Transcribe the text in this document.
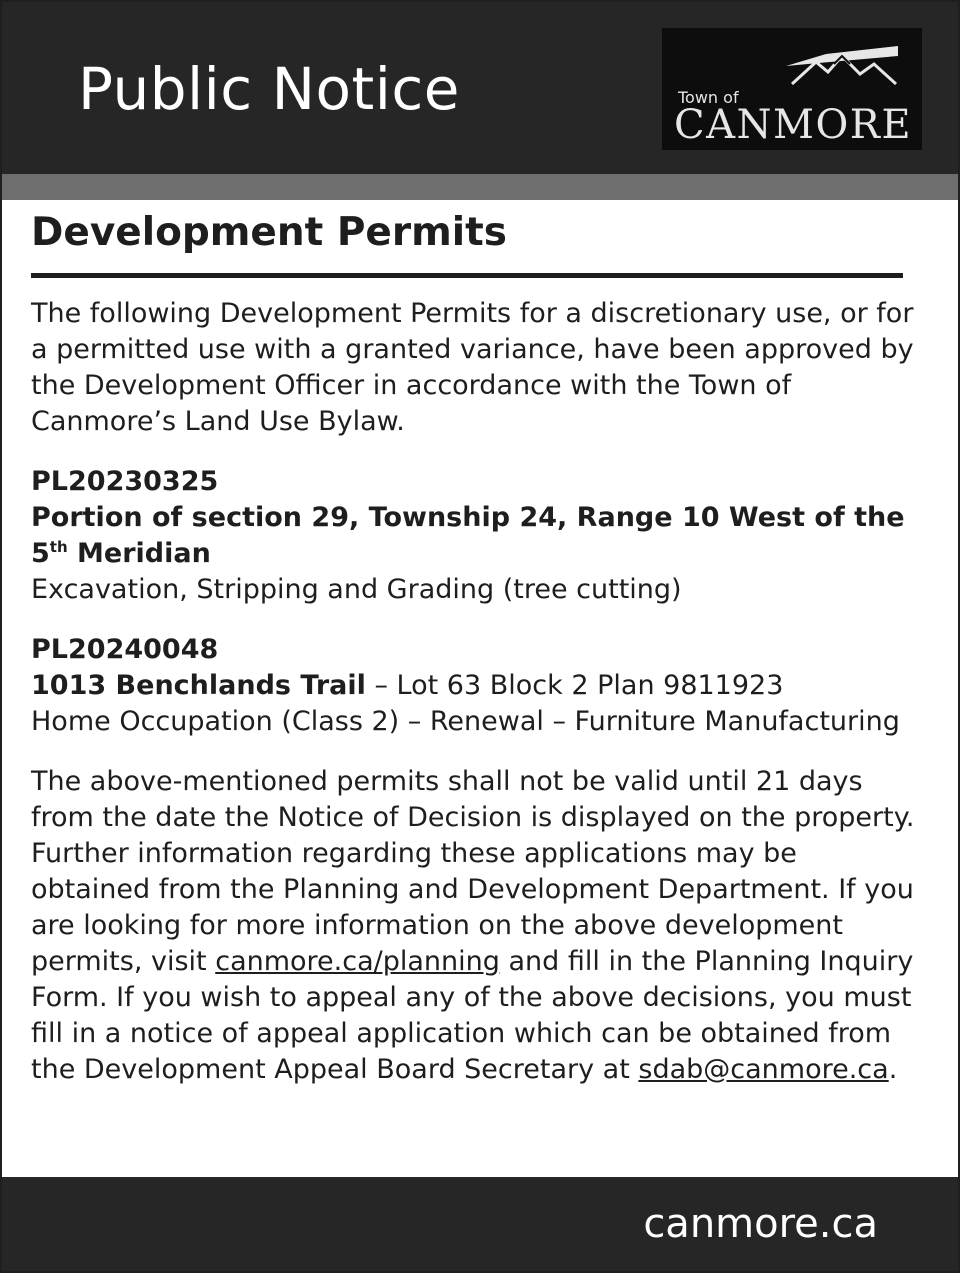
Public Notice	Town of
CANMORE
Development Permits

The following Development Permits for a discretionary use, or for a permitted use with a granted variance, have been approved by the Development Officer in accordance with the Town of Canmore’s Land Use Bylaw.

PL20230325
Portion of section 29, Township 24, Range 10 West of the 5th Meridian
Excavation, Stripping and Grading (tree cutting)
PL20240048
1013 Benchlands Trail – Lot 63 Block 2 Plan 9811923
Home Occupation (Class 2) – Renewal – Furniture Manufacturing

The above-mentioned permits shall not be valid until 21 days from the date the Notice of Decision is displayed on the property. Further information regarding these applications may be obtained from the Planning and Development Department. If you are looking for more information on the above development permits, visit canmore.ca/planning and fill in the Planning Inquiry Form. If you wish to appeal any of the above decisions, you must fill in a notice of appeal application which can be obtained from the Development Appeal Board Secretary at sdab@canmore.ca.

canmore.ca
